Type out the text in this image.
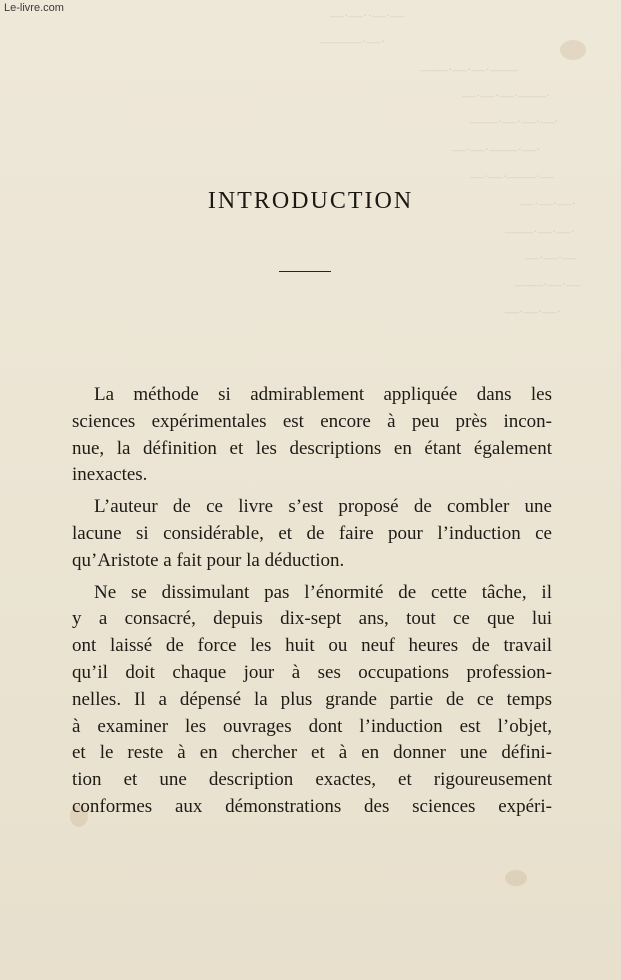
—·—··—·—
———·—·
——·—·—·——
—·—·—·——·
——·—·—·—·
—·—·——·—·
—·—·——·—
—·—·—·
——·—·—·
—·—·—
——·—·—
—·—·—·
Le-livre.com
INTRODUCTION

La méthode si admirablement appliquée dans les
sciences expérimentales est encore à peu près incon-
nue, la définition et les descriptions en étant également
inexactes.

L’auteur de ce livre s’est proposé de combler une
lacune si considérable, et de faire pour l’induction ce
qu’Aristote a fait pour la déduction.

Ne se dissimulant pas l’énormité de cette tâche, il
y a consacré, depuis dix-sept ans, tout ce que lui
ont laissé de force les huit ou neuf heures de travail
qu’il doit chaque jour à ses occupations profession-
nelles. Il a dépensé la plus grande partie de ce temps
à examiner les ouvrages dont l’induction est l’objet,
et le reste à en chercher et à en donner une défini-
tion et une description exactes, et rigoureusement
conformes aux démonstrations des sciences expéri-
